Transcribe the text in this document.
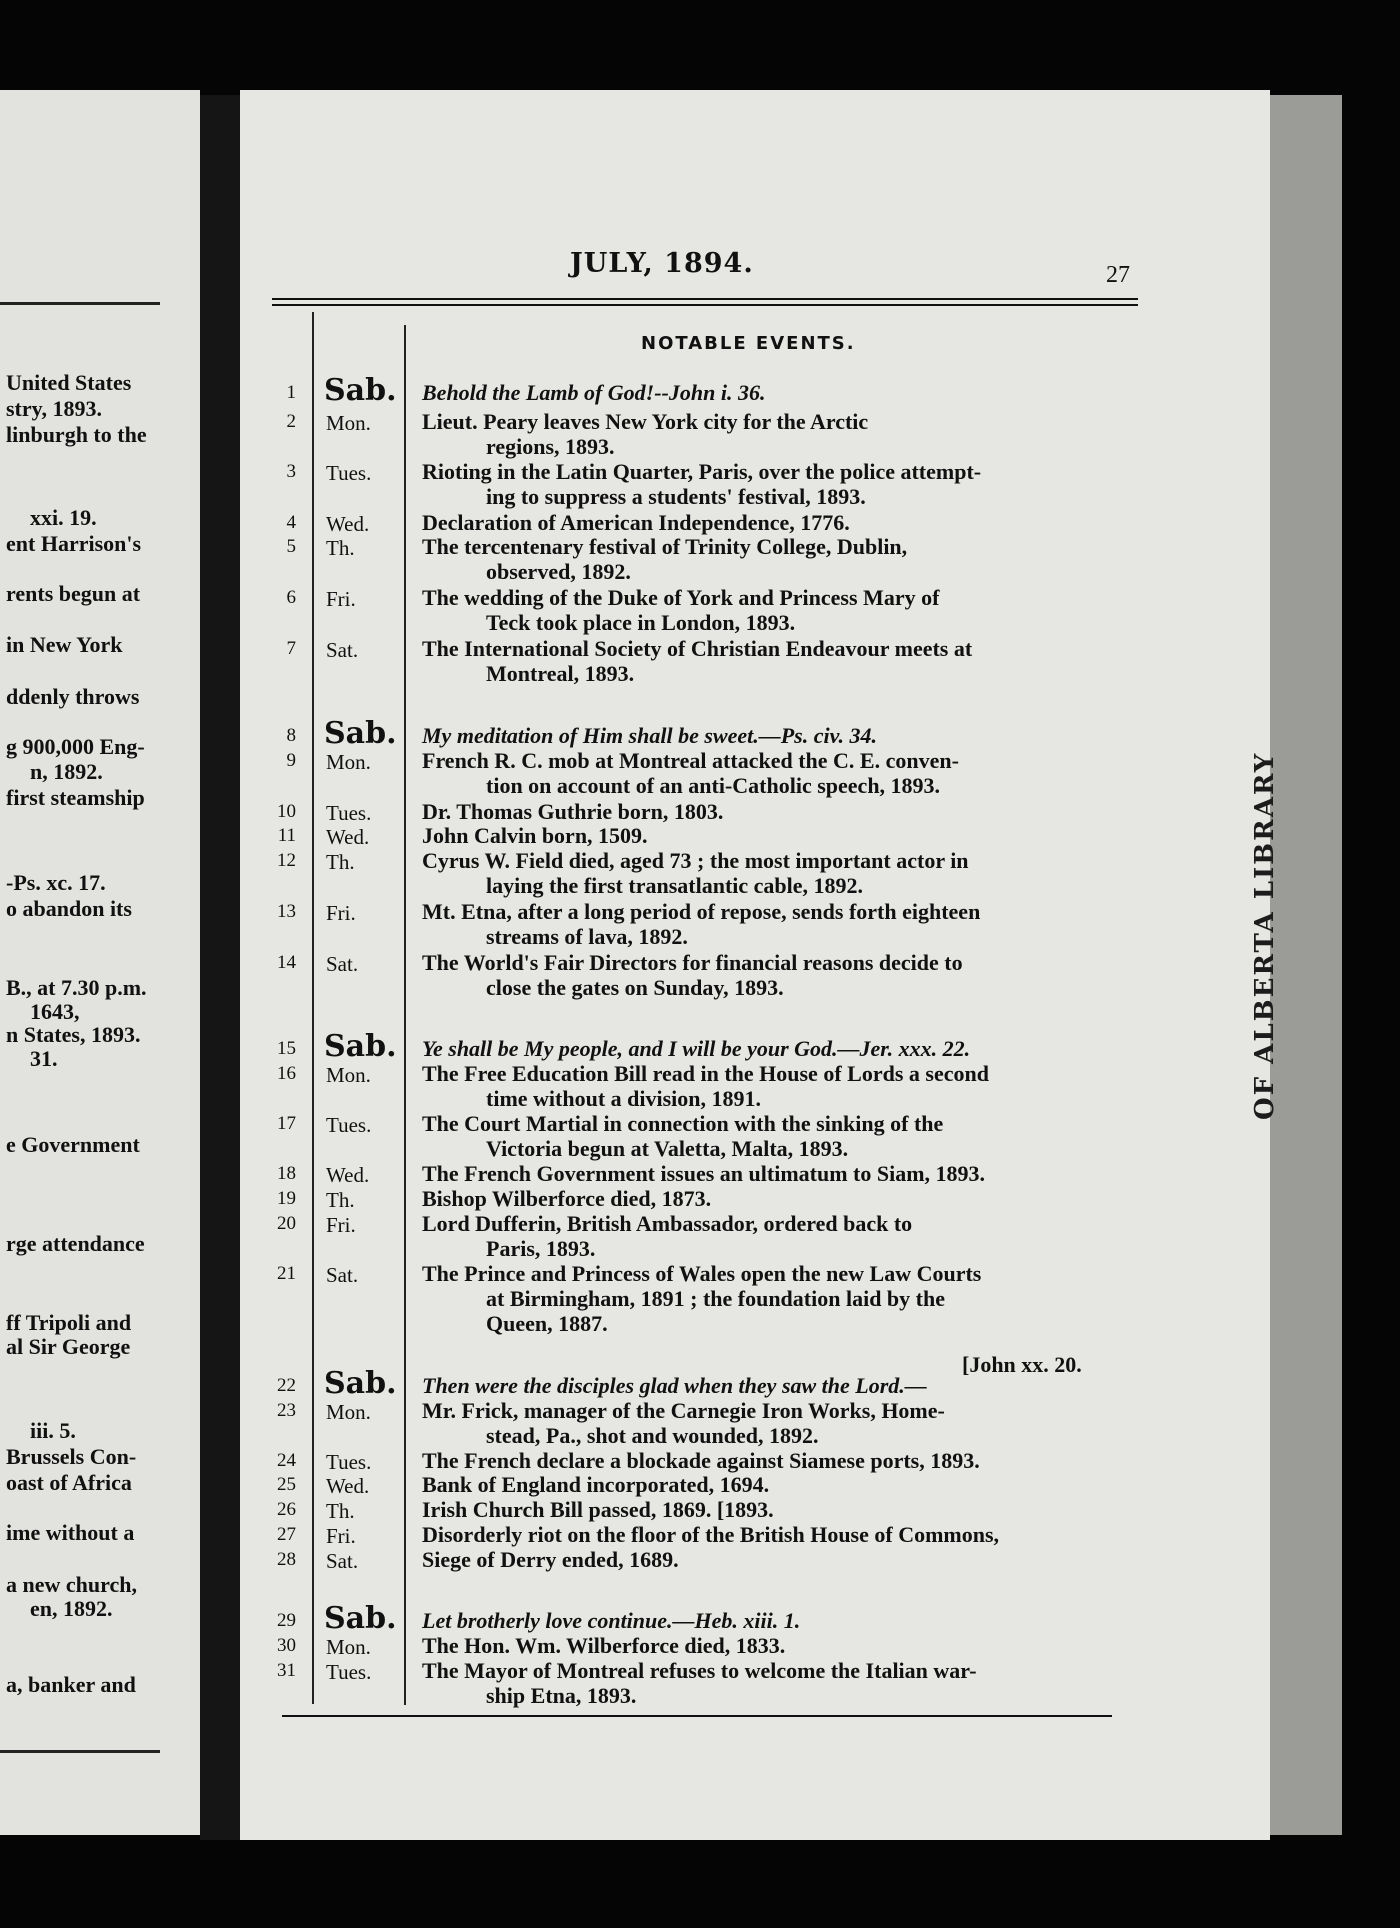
United States
stry, 1893.
linburgh to the
xxi. 19.
ent Harrison's
rents begun at
in New York
ddenly throws
g 900,000 Eng-
n, 1892.
first steamship
-Ps. xc. 17.
o abandon its
B., at 7.30 p.m.
1643,
n States, 1893.
31.
e Government
rge attendance
ff Tripoli and
al Sir George
iii. 5.
Brussels Con-
oast of Africa
ime without a
a new church,
en, 1892.
a, banker and
OF ALBERTA LIBRARY
JULY, 1894.	27
NOTABLE EVENTS.
1 Sab. Behold the Lamb of God!--John i. 36.
2 Mon. Lieut. Peary leaves New York city for the Arctic
regions, 1893.
3 Tues. Rioting in the Latin Quarter, Paris, over the police attempt-
ing to suppress a students' festival, 1893.
4 Wed. Declaration of American Independence, 1776.
5 Th.	The tercentenary festival of Trinity College, Dublin,
observed, 1892.
6 Fri.	The wedding of the Duke of York and Princess Mary of
Teck took place in London, 1893.
7 Sat.	The International Society of Christian Endeavour meets at
Montreal, 1893.
8 Sab. My meditation of Him shall be sweet.—Ps. civ. 34.
9 Mon. French R. C. mob at Montreal attacked the C. E. conven-
tion on account of an anti-Catholic speech, 1893.
10 Tues. Dr. Thomas Guthrie born, 1803.
11 Wed. John Calvin born, 1509.
12 Th.	Cyrus W. Field died, aged 73 ; the most important actor in
laying the first transatlantic cable, 1892.
13 Fri.	Mt. Etna, after a long period of repose, sends forth eighteen
streams of lava, 1892.
14 Sat.	The World's Fair Directors for financial reasons decide to
close the gates on Sunday, 1893.
15 Sab. Ye shall be My people, and I will be your God.—Jer. xxx. 22.
16 Mon. The Free Education Bill read in the House of Lords a second
time without a division, 1891.
17 Tues. The Court Martial in connection with the sinking of the
Victoria begun at Valetta, Malta, 1893.
18 Wed. The French Government issues an ultimatum to Siam, 1893.
19 Th.	Bishop Wilberforce died, 1873.
20 Fri.	Lord Dufferin, British Ambassador, ordered back to
Paris, 1893.
21 Sat.	The Prince and Princess of Wales open the new Law Courts
at Birmingham, 1891 ; the foundation laid by the
Queen, 1887.
22 Sab. Then were the disciples glad when they saw the Lord.—
23 Mon. Mr. Frick, manager of the Carnegie Iron Works, Home-
stead, Pa., shot and wounded, 1892.
24 Tues. The French declare a blockade against Siamese ports, 1893.
25 Wed. Bank of England incorporated, 1694.
26 Th.	Irish Church Bill passed, 1869. [1893.
27 Fri.	Disorderly riot on the floor of the British House of Commons,
28 Sat.	Siege of Derry ended, 1689.
29 Sab. Let brotherly love continue.—Heb. xiii. 1.
30 Mon. The Hon. Wm. Wilberforce died, 1833.
31 Tues. The Mayor of Montreal refuses to welcome the Italian war-
ship Etna, 1893.
[John xx. 20.
